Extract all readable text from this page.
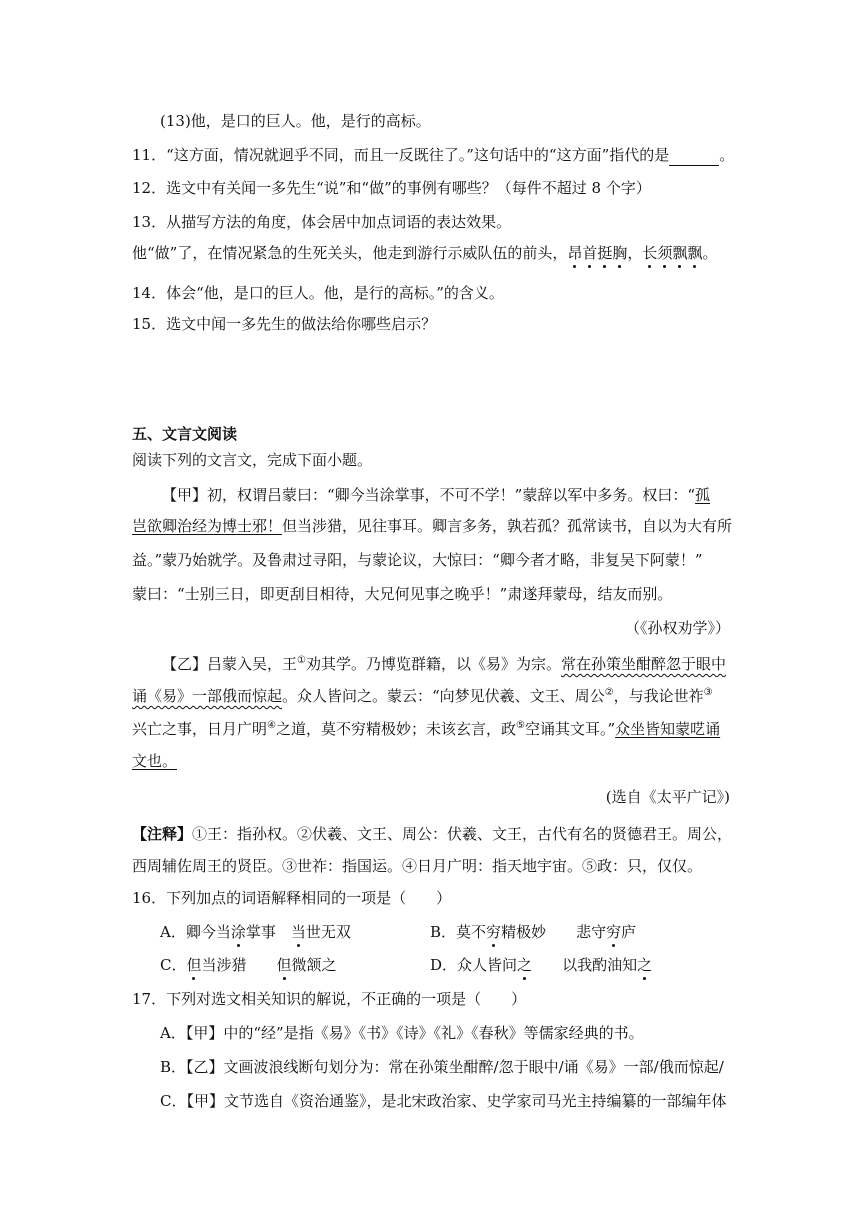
(13)他，是口的巨人。他，是行的高标。
11．“这方面，情况就迥乎不同，而且一反既往了。”这句话中的“这方面”指代的是	。
12．选文中有关闻一多先生“说”和“做”的事例有哪些？（每件不超过 8 个字）
13．从描写方法的角度，体会居中加点词语的表达效果。
他“做”了，在情况紧急的生死关头，他走到游行示威队伍的前头，昂首挺胸，长须飘飘。
14．体会“他，是口的巨人。他，是行的高标。”的含义。
15．选文中闻一多先生的做法给你哪些启示？
五、文言文阅读
阅读下列的文言文，完成下面小题。
【甲】初，权谓吕蒙曰：“卿今当涂掌事，不可不学！”蒙辞以军中多务。权曰：“孤
岂欲卿治经为博士邪！但当涉猎，见往事耳。卿言多务，孰若孤？孤常读书，自以为大有所
益。”蒙乃始就学。及鲁肃过寻阳，与蒙论议，大惊曰：“卿今者才略，非复吴下阿蒙！”
蒙曰：“士别三日，即更刮目相待，大兄何见事之晚乎！”肃遂拜蒙母，结友而别。
（《孙权劝学》）
【乙】吕蒙入吴，王①劝其学。乃博览群籍，以《易》为宗。常在孙策坐酣醉忽于眼中
诵《易》一部俄而惊起。众人皆问之。蒙云：“向梦见伏羲、文王、周公②，与我论世祚③
兴亡之事，日月广明④之道，莫不穷精极妙；未该玄言，政⑤空诵其文耳。”众坐皆知蒙呓诵
文也。
(选自《太平广记》)
【注释】①王：指孙权。②伏羲、文王、周公：伏羲、文王，古代有名的贤德君王。周公，
西周辅佐周王的贤臣。③世祚：指国运。④日月广明：指天地宇宙。⑤政：只，仅仅。
16．下列加点的词语解释相同的一项是（　　）
A．卿今当涂掌事　当世无双	B．莫不穷精极妙　　悲守穷庐
C．但当涉猎　　但微颔之	D．众人皆问之　　以我酌油知之
17．下列对选文相关知识的解说，不正确的一项是（　　）
A．【甲】中的“经”是指《易》《书》《诗》《礼》《春秋》等儒家经典的书。
B．【乙】文画波浪线断句划分为：常在孙策坐酣醉/忽于眼中/诵《易》一部/俄而惊起/
C．【甲】文节选自《资治通鉴》，是北宋政治家、史学家司马光主持编纂的一部编年体
